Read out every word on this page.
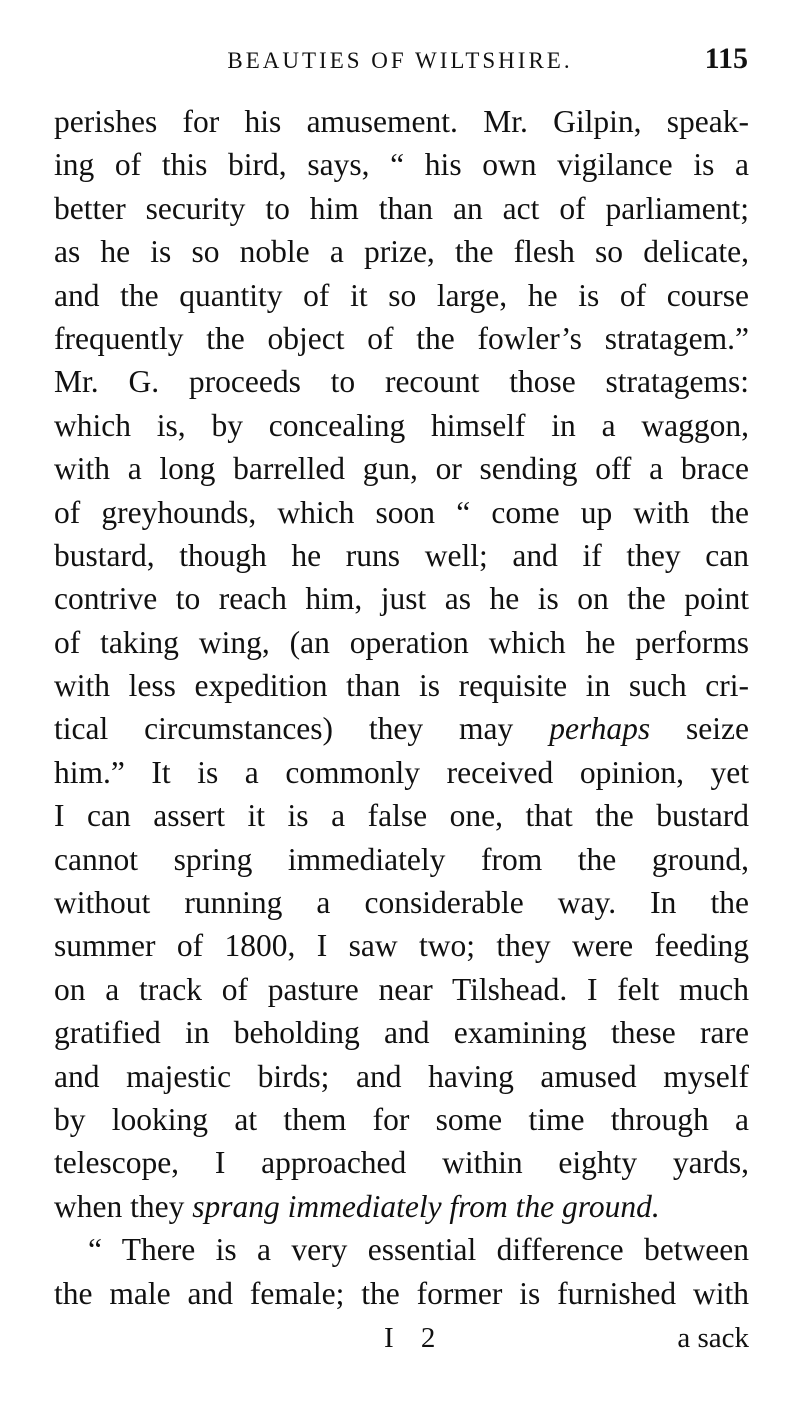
BEAUTIES OF WILTSHIRE.	115
perishes for his amusement. Mr. Gilpin, speak-
ing of this bird, says, “ his own vigilance is a
better security to him than an act of parliament;
as he is so noble a prize, the flesh so delicate,
and the quantity of it so large, he is of course
frequently the object of the fowler’s stratagem.”
Mr. G. proceeds to recount those stratagems:
which is, by concealing himself in a waggon,
with a long barrelled gun, or sending off a brace
of greyhounds, which soon “ come up with the
bustard, though he runs well; and if they can
contrive to reach him, just as he is on the point
of taking wing, (an operation which he performs
with less expedition than is requisite in such cri-
tical circumstances) they may perhaps seize
him.” It is a commonly received opinion, yet
I can assert it is a false one, that the bustard
cannot spring immediately from the ground,
without running a considerable way. In the
summer of 1800, I saw two; they were feeding
on a track of pasture near Tilshead. I felt much
gratified in beholding and examining these rare
and majestic birds; and having amused myself
by looking at them for some time through a
telescope, I approached within eighty yards,
when they sprang immediately from the ground.
“ There is a very essential difference between
the male and female; the former is furnished with
I 2	a sack
